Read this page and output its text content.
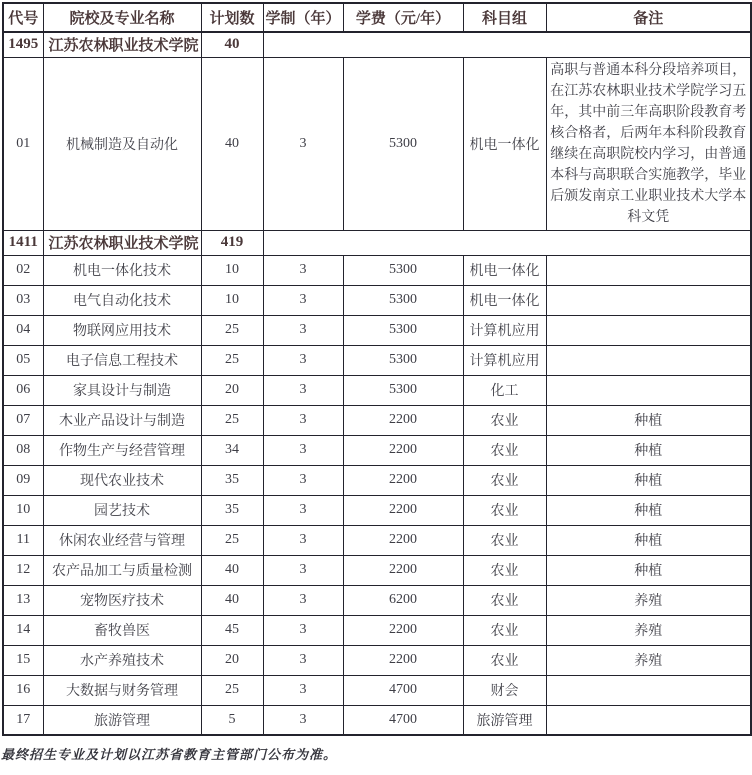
代号	院校及专业名称	计划数	学制（年）	学费（元/年）	科目组	备注
1495	江苏农林职业技术学院	40				
01	机械制造及自动化	40	3	5300	机电一体化	高职与普通本科分段培养项目，在江苏农林职业技术学院学习五年，其中前三年高职阶段教育考核合格者，后两年本科阶段教育继续在高职院校内学习，由普通本科与高职联合实施教学，毕业后颁发南京工业职业技术大学本科文凭
1411	江苏农林职业技术学院	419				
02	机电一体化技术	10	3	5300	机电一体化	
03	电气自动化技术	10	3	5300	机电一体化	
04	物联网应用技术	25	3	5300	计算机应用	
05	电子信息工程技术	25	3	5300	计算机应用	
06	家具设计与制造	20	3	5300	化工	
07	木业产品设计与制造	25	3	2200	农业	种植
08	作物生产与经营管理	34	3	2200	农业	种植
09	现代农业技术	35	3	2200	农业	种植
10	园艺技术	35	3	2200	农业	种植
11	休闲农业经营与管理	25	3	2200	农业	种植
12	农产品加工与质量检测	40	3	2200	农业	种植
13	宠物医疗技术	40	3	6200	农业	养殖
14	畜牧兽医	45	3	2200	农业	养殖
15	水产养殖技术	20	3	2200	农业	养殖
16	大数据与财务管理	25	3	4700	财会	
17	旅游管理	5	3	4700	旅游管理	
最终招生专业及计划以江苏省教育主管部门公布为准。
